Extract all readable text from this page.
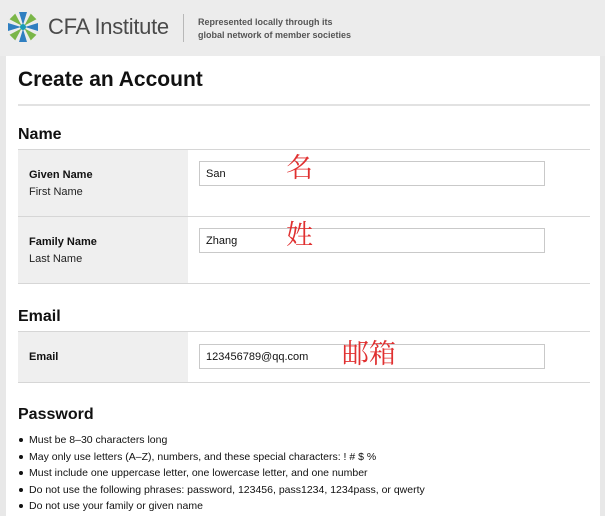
CFA Institute	Represented locally through its
global network of member societies
Create an Account
Name
Given Name
First Name
San
名
Family Name
Last Name
Zhang
姓
Email
Email
123456789@qq.com	邮箱
Password
Must be 8–30 characters long
May only use letters (A–Z), numbers, and these special characters: ! # $ %
Must include one uppercase letter, one lowercase letter, and one number
Do not use the following phrases: password, 123456, pass1234, 1234pass, or qwerty
Do not use your family or given name
